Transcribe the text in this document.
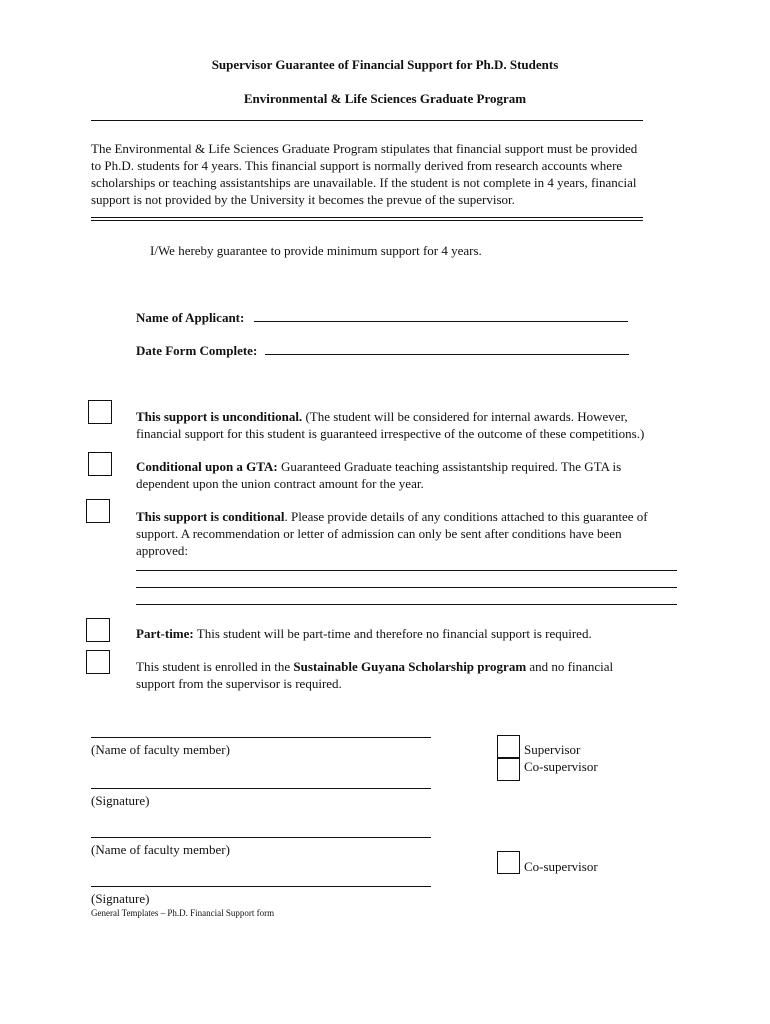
Supervisor Guarantee of Financial Support for Ph.D. Students
Environmental & Life Sciences Graduate Program
The Environmental & Life Sciences Graduate Program stipulates that financial support must be provided
to Ph.D. students for 4 years. This financial support is normally derived from research accounts where
scholarships or teaching assistantships are unavailable. If the student is not complete in 4 years, financial
support is not provided by the University it becomes the prevue of the supervisor.
I/We hereby guarantee to provide minimum support for 4 years.
Name of Applicant:
Date Form Complete:
This support is unconditional. (The student will be considered for internal awards. However,
financial support for this student is guaranteed irrespective of the outcome of these competitions.)
Conditional upon a GTA: Guaranteed Graduate teaching assistantship required. The GTA is
dependent upon the union contract amount for the year.
This support is conditional. Please provide details of any conditions attached to this guarantee of
support. A recommendation or letter of admission can only be sent after conditions have been
approved:
Part-time: This student will be part-time and therefore no financial support is required.
This student is enrolled in the Sustainable Guyana Scholarship program and no financial
support from the supervisor is required.
(Name of faculty member)
(Signature)
Supervisor
Co-supervisor
(Name of faculty member)
Co-supervisor
(Signature)
General Templates – Ph.D. Financial Support form
